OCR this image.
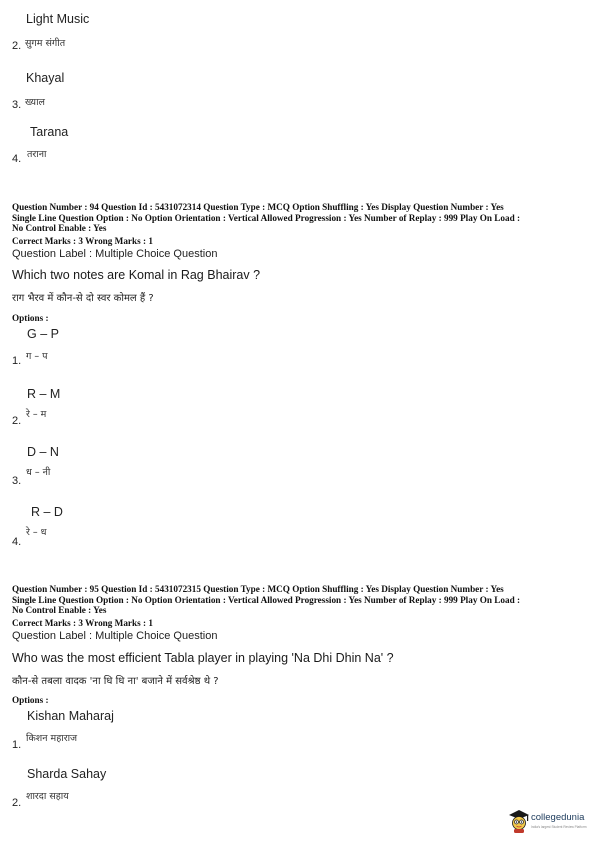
Light Music
2. सुगम संगीत
Khayal
3. ख्याल
Tarana
4. तराना
Question Number : 94 Question Id : 5431072314 Question Type : MCQ Option Shuffling : Yes Display Question Number : Yes
Single Line Question Option : No Option Orientation : Vertical Allowed Progression : Yes Number of Replay : 999 Play On Load :
No Control Enable : Yes
Correct Marks : 3 Wrong Marks : 1
Question Label : Multiple Choice Question
Which two notes are Komal in Rag Bhairav ?
राग भैरव में कौन-से दो स्वर कोमल हैं ?
Options :
G – P
1. ग – प
R – M
2.
रे – म
D – N
3.
ध – नी
R – D
4.
रे – ध
Question Number : 95 Question Id : 5431072315 Question Type : MCQ Option Shuffling : Yes Display Question Number : Yes
Single Line Question Option : No Option Orientation : Vertical Allowed Progression : Yes Number of Replay : 999 Play On Load :
No Control Enable : Yes
Correct Marks : 3 Wrong Marks : 1
Question Label : Multiple Choice Question
Who was the most efficient Tabla player in playing 'Na Dhi Dhin Na' ?
कौन-से तबला वादक 'ना धि धि ना' बजाने में सर्वश्रेष्ठ थे ?
Options :
Kishan Maharaj
1.
किशन महाराज
Sharda Sahay
2.
शारदा सहाय
collegedunia
India's largest Student Review Platform
